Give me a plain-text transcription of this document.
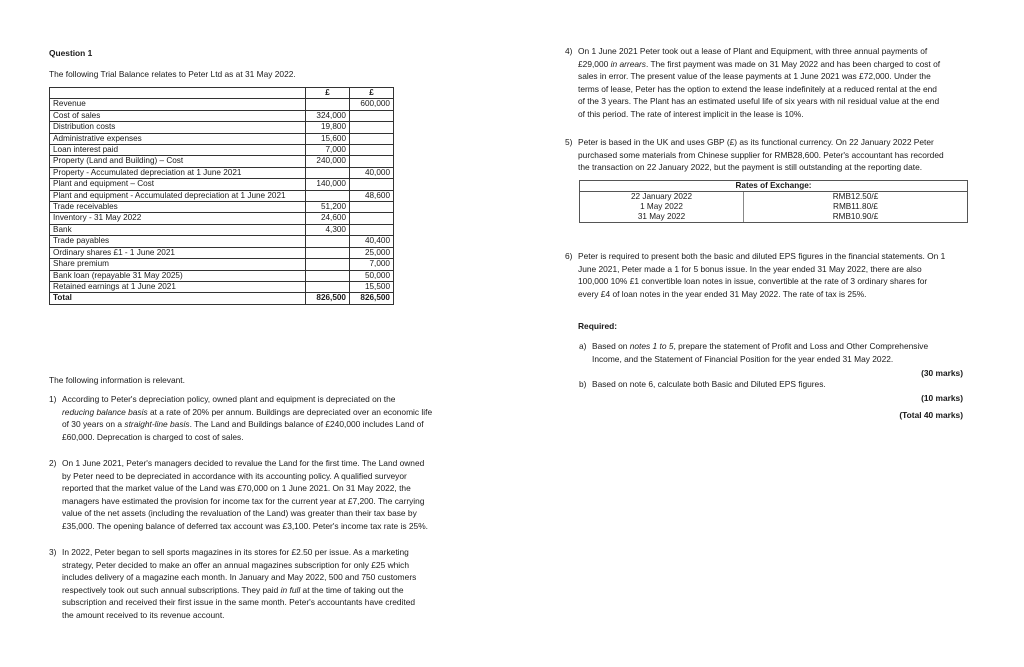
Question 1
The following Trial Balance relates to Peter Ltd as at 31 May 2022.
	£	£
Revenue		600,000
Cost of sales	324,000	
Distribution costs	19,800	
Administrative expenses	15,600	
Loan interest paid	7,000	
Property (Land and Building) – Cost	240,000	
Property - Accumulated depreciation at 1 June 2021		40,000
Plant and equipment – Cost	140,000	
Plant and equipment - Accumulated depreciation at 1 June 2021		48,600
Trade receivables	51,200	
Inventory - 31 May 2022	24,600	
Bank	4,300	
Trade payables		40,400
Ordinary shares £1 - 1 June 2021		25,000
Share premium		7,000
Bank loan (repayable 31 May 2025)		50,000
Retained earnings at 1 June 2021		15,500
Total	826,500	826,500
The following information is relevant.
1) According to Peter's depreciation policy, owned plant and equipment is depreciated on the

reducing balance basis at a rate of 20% per annum. Buildings are depreciated over an economic life

of 30 years on a straight-line basis. The Land and Buildings balance of £240,000 includes Land of

£60,000. Deprecation is charged to cost of sales.

2) On 1 June 2021, Peter's managers decided to revalue the Land for the first time. The Land owned

by Peter need to be depreciated in accordance with its accounting policy. A qualified surveyor

reported that the market value of the Land was £70,000 on 1 June 2021. On 31 May 2022, the

managers have estimated the provision for income tax for the current year at £7,200. The carrying

value of the net assets (including the revaluation of the Land) was greater than their tax base by

£35,000. The opening balance of deferred tax account was £3,100. Peter's income tax rate is 25%.

3) In 2022, Peter began to sell sports magazines in its stores for £2.50 per issue. As a marketing

strategy, Peter decided to make an offer an annual magazines subscription for only £25 which

includes delivery of a magazine each month. In January and May 2022, 500 and 750 customers

respectively took out such annual subscriptions. They paid in full at the time of taking out the

subscription and received their first issue in the same month. Peter's accountants have credited

the amount received to its revenue account.

4) On 1 June 2021 Peter took out a lease of Plant and Equipment, with three annual payments of

£29,000 in arrears. The first payment was made on 31 May 2022 and has been charged to cost of

sales in error. The present value of the lease payments at 1 June 2021 was £72,000. Under the

terms of lease, Peter has the option to extend the lease indefinitely at a reduced rental at the end

of the 3 years. The Plant has an estimated useful life of six years with nil residual value at the end

of this period. The rate of interest implicit in the lease is 10%.

5) Peter is based in the UK and uses GBP (£) as its functional currency. On 22 January 2022 Peter

purchased some materials from Chinese supplier for RMB28,600. Peter's accountant has recorded

the transaction on 22 January 2022, but the payment is still outstanding at the reporting date.

Rates of Exchange:	
22 January 2022	RMB12.50/£
1 May 2022	RMB11.80/£
31 May 2022	RMB10.90/£
6) Peter is required to present both the basic and diluted EPS figures in the financial statements. On 1

June 2021, Peter made a 1 for 5 bonus issue. In the year ended 31 May 2022, there are also

100,000 10% £1 convertible loan notes in issue, convertible at the rate of 3 ordinary shares for

every £4 of loan notes in the year ended 31 May 2022. The rate of tax is 25%.

Required:
a) Based on notes 1 to 5, prepare the statement of Profit and Loss and Other Comprehensive

Income, and the Statement of Financial Position for the year ended 31 May 2022.

(30 marks)
b) Based on note 6, calculate both Basic and Diluted EPS figures.

(10 marks)
(Total 40 marks)
